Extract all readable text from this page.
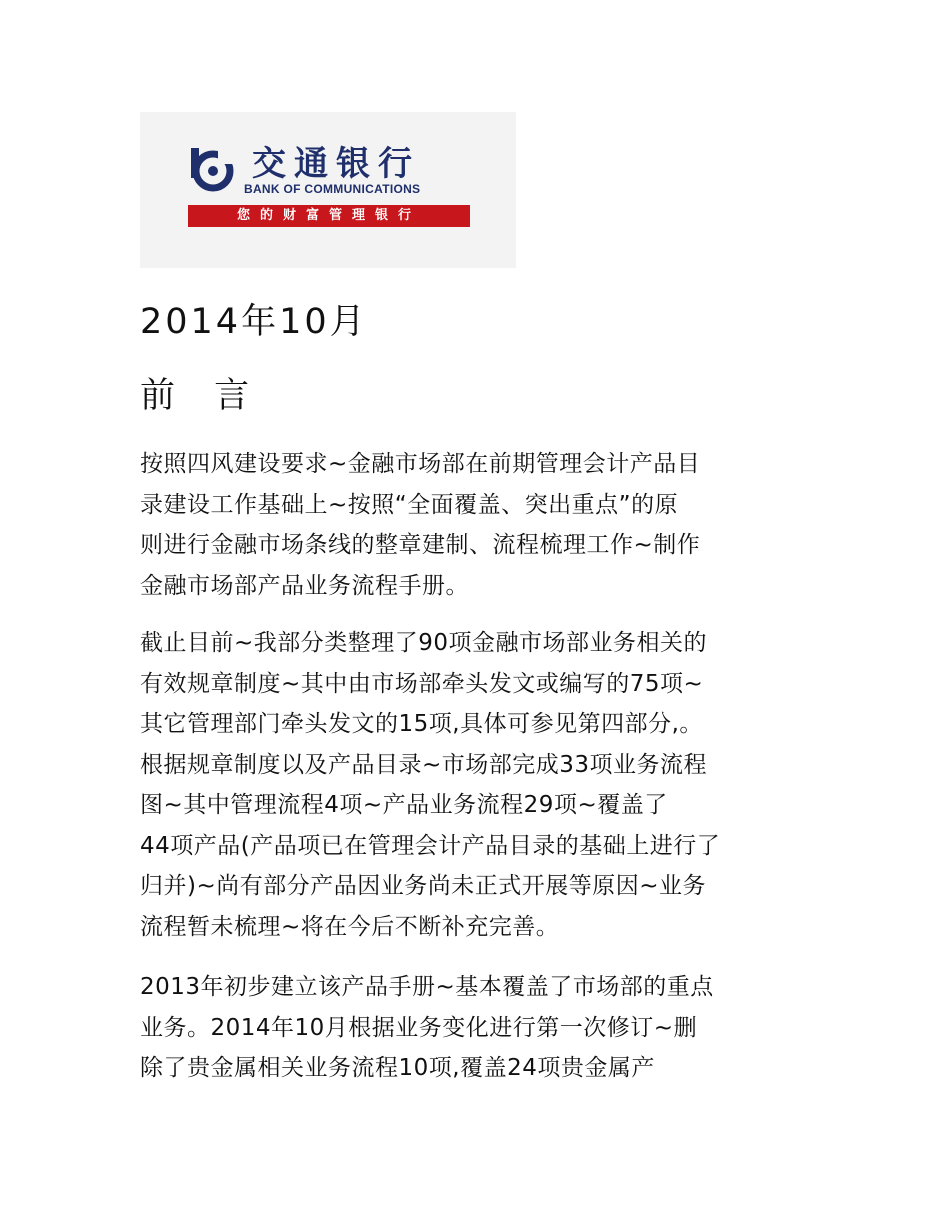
交通银行
BANK OF COMMUNICATIONS
您的财富管理银行
2014年10月
前 言
按照四风建设要求~金融市场部在前期管理会计产品目
录建设工作基础上~按照“全面覆盖、突出重点”的原
则进行金融市场条线的整章建制、流程梳理工作~制作
金融市场部产品业务流程手册。
截止目前~我部分类整理了90项金融市场部业务相关的
有效规章制度~其中由市场部牵头发文或编写的75项~
其它管理部门牵头发文的15项,具体可参见第四部分,。
根据规章制度以及产品目录~市场部完成33项业务流程
图~其中管理流程4项~产品业务流程29项~覆盖了
44项产品(产品项已在管理会计产品目录的基础上进行了
归并)~尚有部分产品因业务尚未正式开展等原因~业务
流程暂未梳理~将在今后不断补充完善。
2013年初步建立该产品手册~基本覆盖了市场部的重点
业务。2014年10月根据业务变化进行第一次修订~删
除了贵金属相关业务流程10项,覆盖24项贵金属产
